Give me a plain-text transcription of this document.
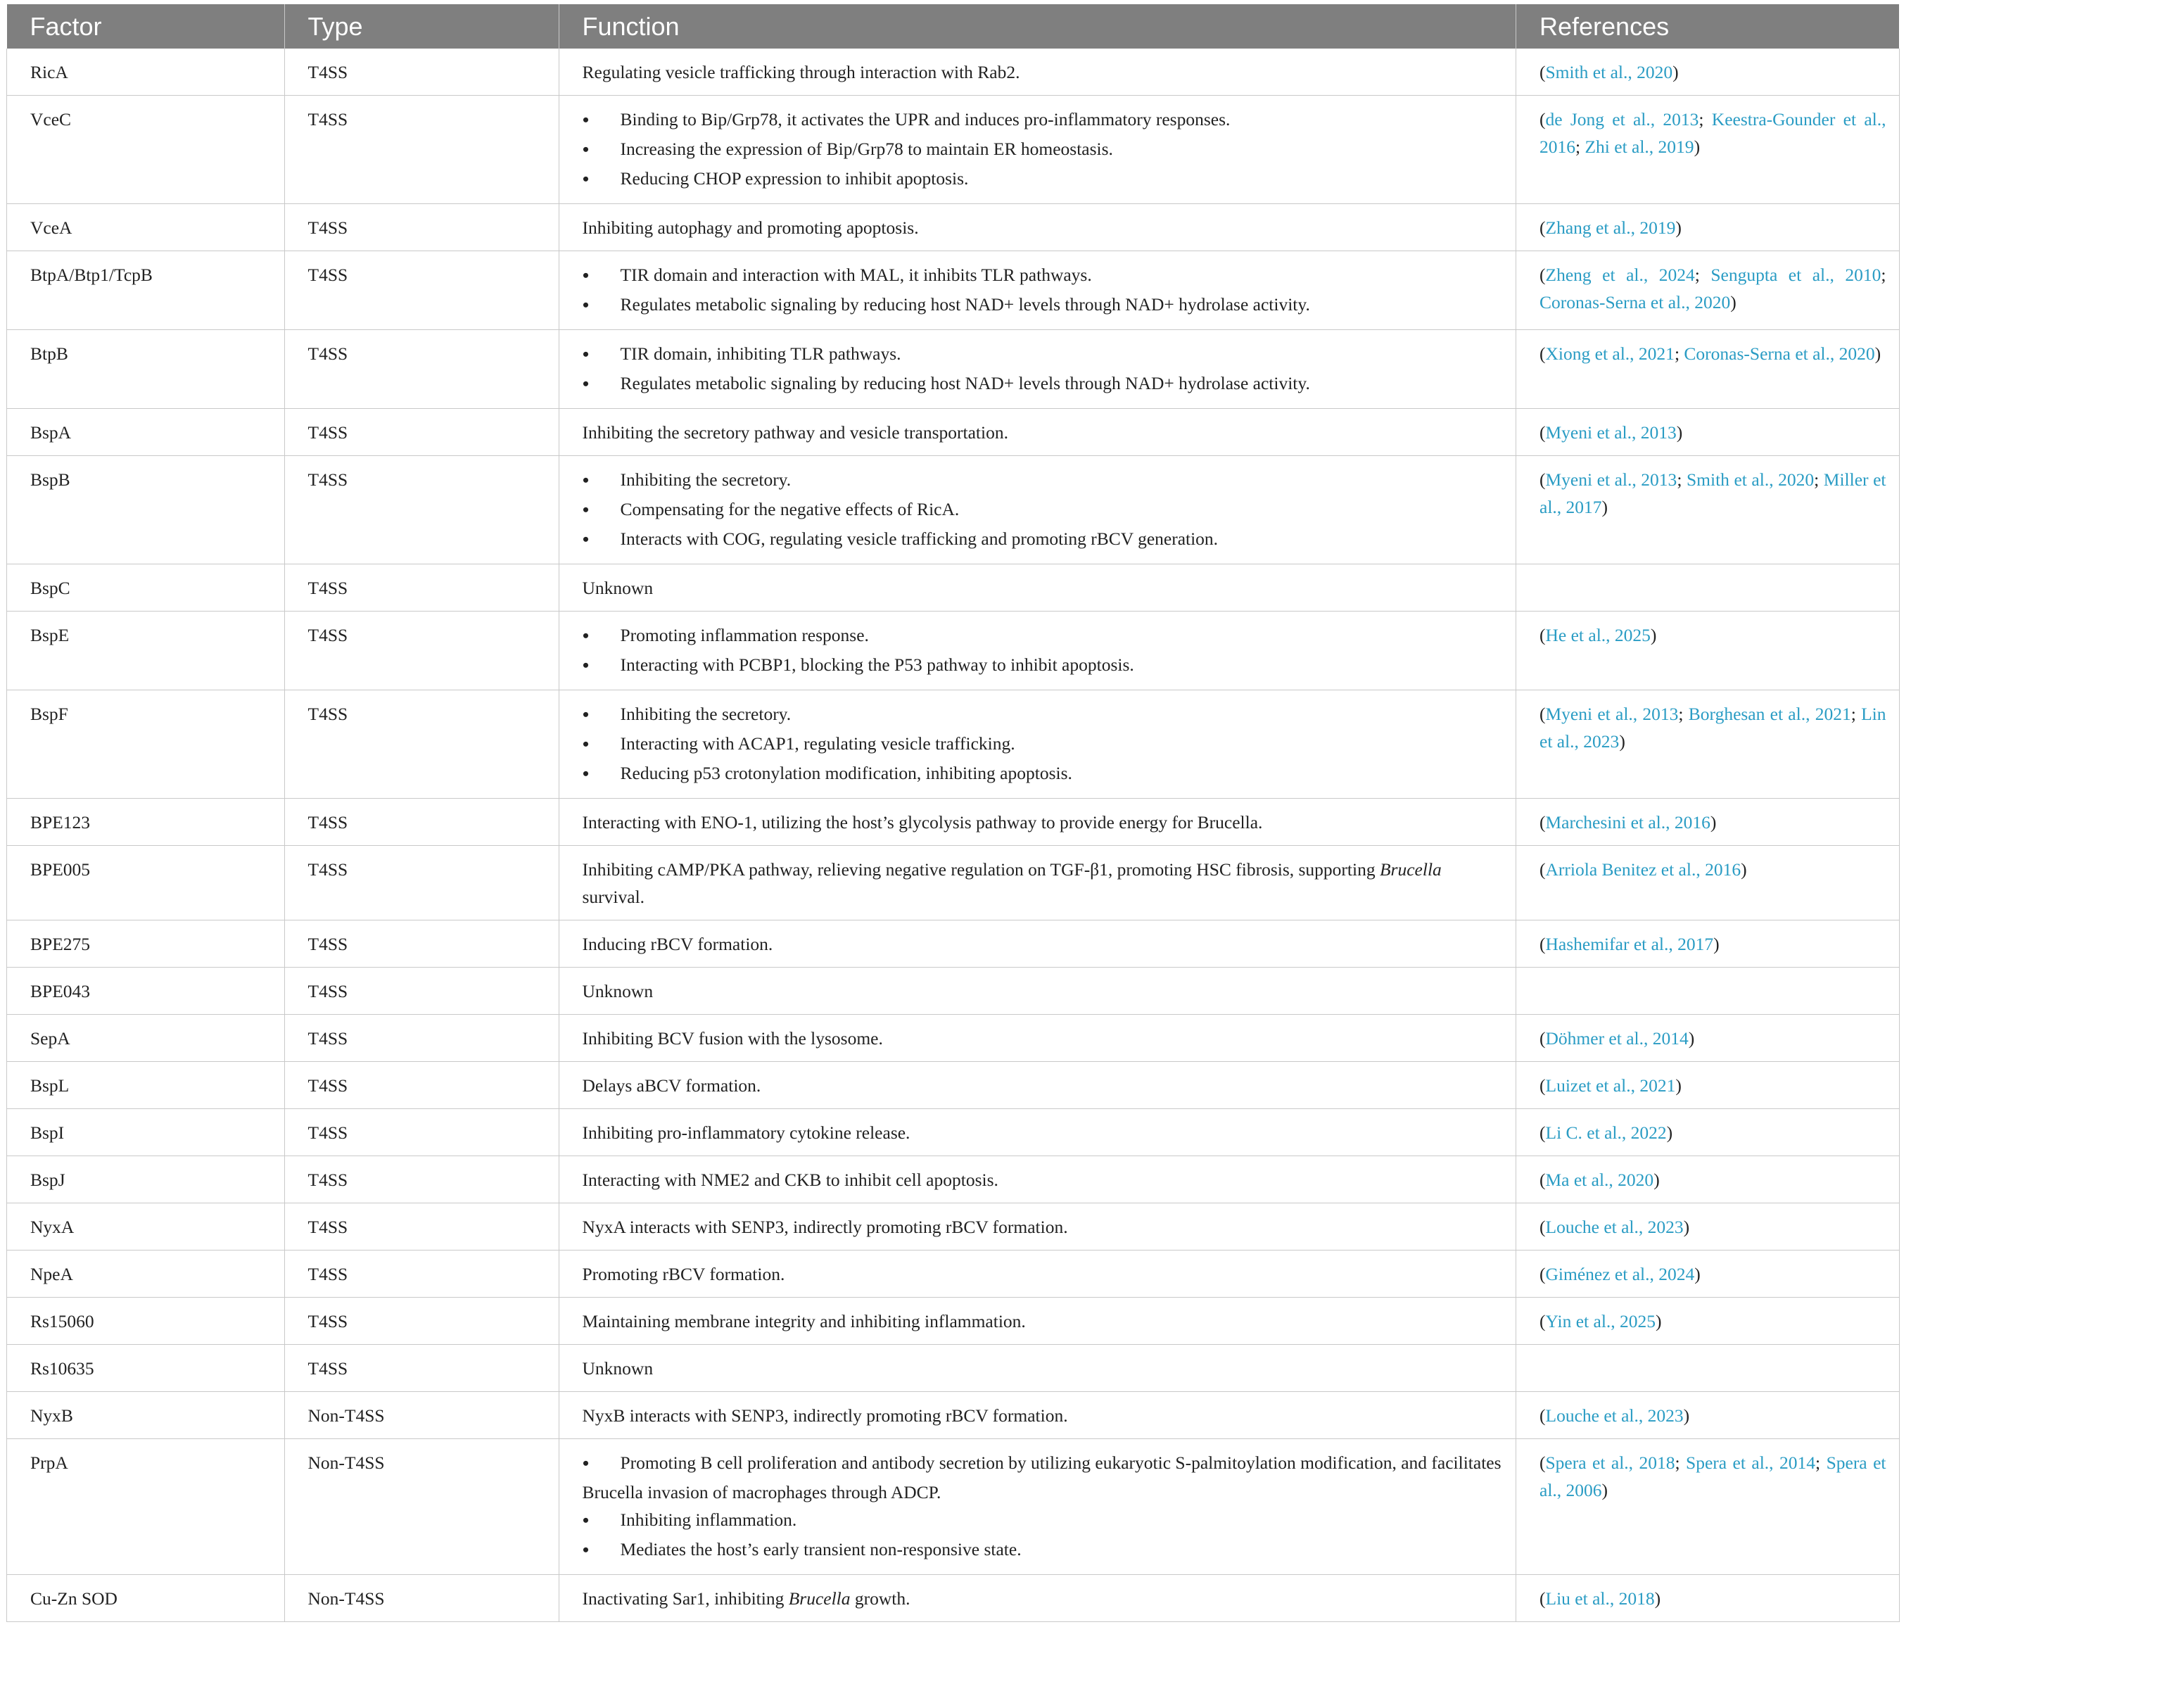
Factor	Type	Function	References
RicA	T4SS	Regulating vesicle trafficking through interaction with Rab2.	(Smith et al., 2020)
VceC	T4SS	● Binding to Bip/Grp78, it activates the UPR and induces pro-inflammatory responses.
● Increasing the expression of Bip/Grp78 to maintain ER homeostasis.
● Reducing CHOP expression to inhibit apoptosis.	(de Jong et al., 2013; Keestra-Gounder et al., 2016; Zhi et al., 2019)
VceA	T4SS	Inhibiting autophagy and promoting apoptosis.	(Zhang et al., 2019)
BtpA/Btp1/TcpB	T4SS	● TIR domain and interaction with MAL, it inhibits TLR pathways.
● Regulates metabolic signaling by reducing host NAD+ levels through NAD+ hydrolase activity.	(Zheng et al., 2024; Sengupta et al., 2010; Coronas-Serna et al., 2020)
BtpB	T4SS	● TIR domain, inhibiting TLR pathways.
● Regulates metabolic signaling by reducing host NAD+ levels through NAD+ hydrolase activity.	(Xiong et al., 2021; Coronas-Serna et al., 2020)
BspA	T4SS	Inhibiting the secretory pathway and vesicle transportation.	(Myeni et al., 2013)
BspB	T4SS	● Inhibiting the secretory.
● Compensating for the negative effects of RicA.
● Interacts with COG, regulating vesicle trafficking and promoting rBCV generation.	(Myeni et al., 2013; Smith et al., 2020; Miller et al., 2017)
BspC	T4SS	Unknown	

BspE	T4SS	● Promoting inflammation response.
● Interacting with PCBP1, blocking the P53 pathway to inhibit apoptosis.	(He et al., 2025)
BspF	T4SS	● Inhibiting the secretory.
● Interacting with ACAP1, regulating vesicle trafficking.
● Reducing p53 crotonylation modification, inhibiting apoptosis.	(Myeni et al., 2013; Borghesan et al., 2021; Lin et al., 2023)
BPE123	T4SS	Interacting with ENO-1, utilizing the host’s glycolysis pathway to provide energy for Brucella.	(Marchesini et al., 2016)
BPE005	T4SS	Inhibiting cAMP/PKA pathway, relieving negative regulation on TGF-β1, promoting HSC fibrosis, supporting Brucella survival.	(Arriola Benitez et al., 2016)
BPE275	T4SS	Inducing rBCV formation.	(Hashemifar et al., 2017)
BPE043	T4SS	Unknown	

SepA	T4SS	Inhibiting BCV fusion with the lysosome.	(Döhmer et al., 2014)
BspL	T4SS	Delays aBCV formation.	(Luizet et al., 2021)
BspI	T4SS	Inhibiting pro-inflammatory cytokine release.	(Li C. et al., 2022)
BspJ	T4SS	Interacting with NME2 and CKB to inhibit cell apoptosis.	(Ma et al., 2020)
NyxA	T4SS	NyxA interacts with SENP3, indirectly promoting rBCV formation.	(Louche et al., 2023)
NpeA	T4SS	Promoting rBCV formation.	(Giménez et al., 2024)
Rs15060	T4SS	Maintaining membrane integrity and inhibiting inflammation.	(Yin et al., 2025)
Rs10635	T4SS	Unknown	

NyxB	Non-T4SS	NyxB interacts with SENP3, indirectly promoting rBCV formation.	(Louche et al., 2023)
PrpA	Non-T4SS	● Promoting B cell proliferation and antibody secretion by utilizing eukaryotic S-palmitoylation modification, and facilitates Brucella invasion of macrophages through ADCP.
● Inhibiting inflammation.
● Mediates the host’s early transient non-responsive state.	(Spera et al., 2018; Spera et al., 2014; Spera et al., 2006)
Cu-Zn SOD	Non-T4SS	Inactivating Sar1, inhibiting Brucella growth.	(Liu et al., 2018)
